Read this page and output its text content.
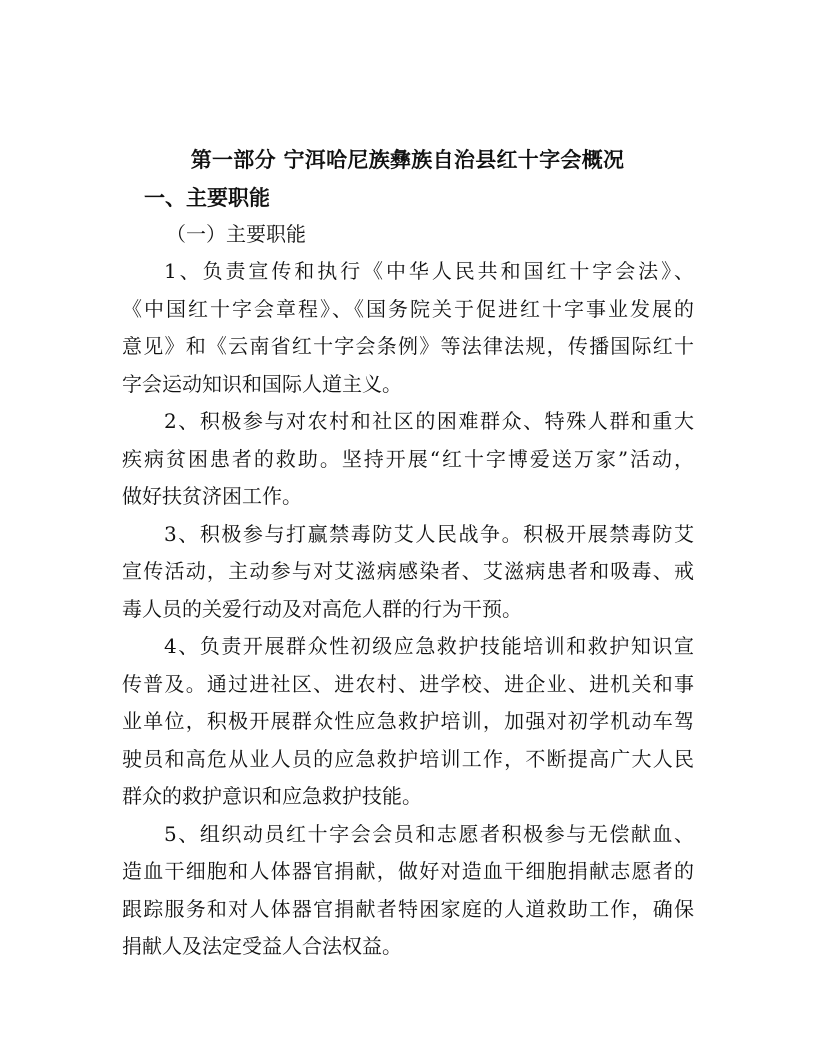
第一部分 宁洱哈尼族彝族自治县红十字会概况
一、主要职能
（一）主要职能

1、负责宣传和执行《中华人民共和国红十字会法》、
《中国红十字会章程》、《国务院关于促进红十字事业发展的
意见》和《云南省红十字会条例》等法律法规，传播国际红十
字会运动知识和国际人道主义。

2、积极参与对农村和社区的困难群众、特殊人群和重大
疾病贫困患者的救助。坚持开展“红十字博爱送万家”活动，
做好扶贫济困工作。

3、积极参与打赢禁毒防艾人民战争。积极开展禁毒防艾
宣传活动，主动参与对艾滋病感染者、艾滋病患者和吸毒、戒
毒人员的关爱行动及对高危人群的行为干预。

4、负责开展群众性初级应急救护技能培训和救护知识宣
传普及。通过进社区、进农村、进学校、进企业、进机关和事
业单位，积极开展群众性应急救护培训，加强对初学机动车驾
驶员和高危从业人员的应急救护培训工作，不断提高广大人民
群众的救护意识和应急救护技能。

5、组织动员红十字会会员和志愿者积极参与无偿献血、
造血干细胞和人体器官捐献，做好对造血干细胞捐献志愿者的
跟踪服务和对人体器官捐献者特困家庭的人道救助工作，确保
捐献人及法定受益人合法权益。
